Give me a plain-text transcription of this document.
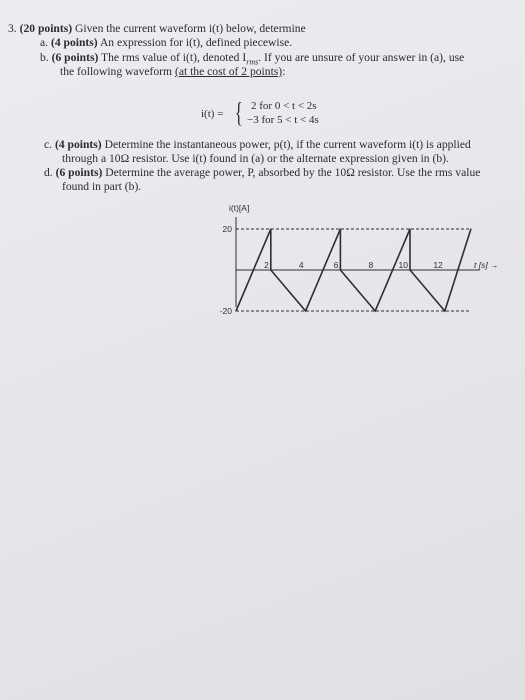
3. (20 points) Given the current waveform i(t) below, determine
a. (4 points) An expression for i(t), defined piecewise.
b. (6 points) The rms value of i(t), denoted $I_{rms}$. If you are unsure of your answer in (a), use
the following waveform (at the cost of 2 points):
i(t) = { 2 for 0 < t < 2s
−3 for 5 < t < 4s
c. (4 points) Determine the instantaneous power, p(t), if the current waveform i(t) is applied
through a 10Ω resistor. Use i(t) found in (a) or the alternate expression given in (b).
d. (6 points) Determine the average power, P, absorbed by the 10Ω resistor. Use the rms value
found in part (b).
i(t)[A]
20
-20
2	4	6	8	10	12	t [s] →
